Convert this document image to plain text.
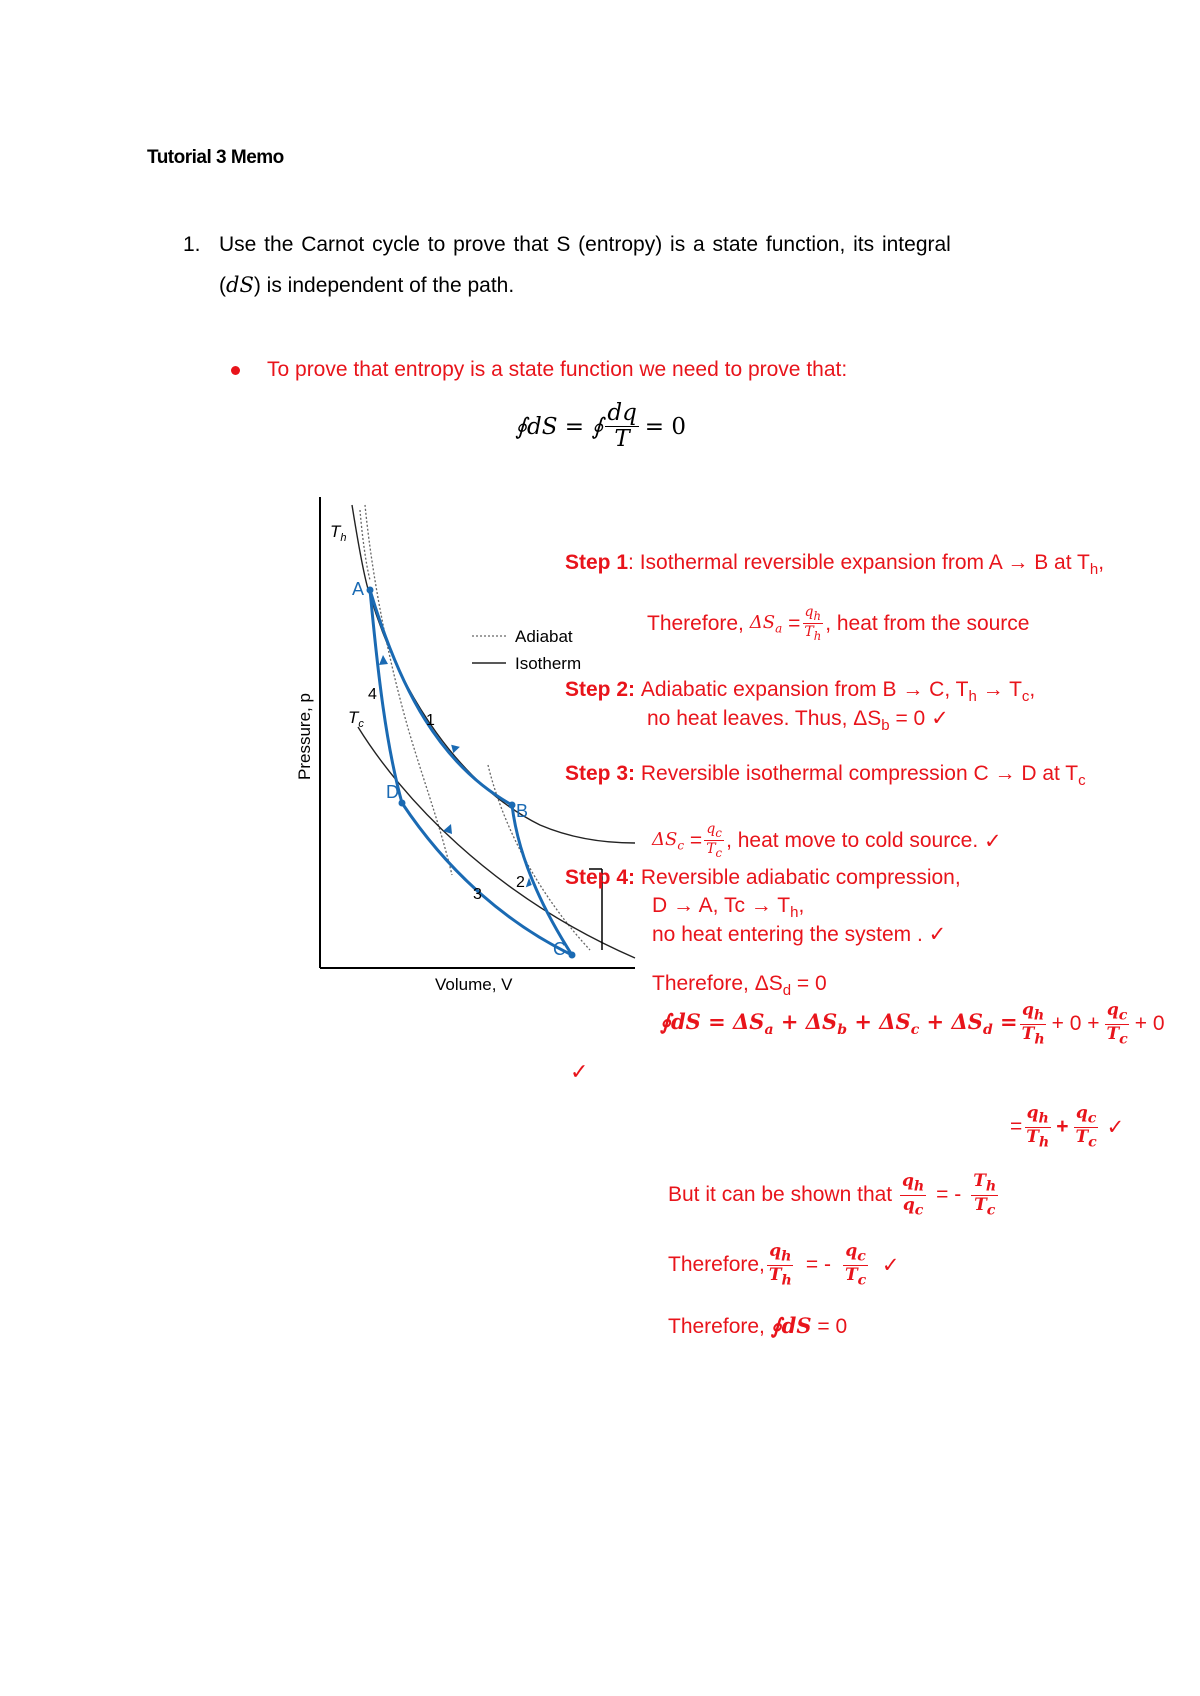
Tutorial 3 Memo
1. Use the Carnot cycle to prove that S (entropy) is a state function, its integral
(dS) is independent of the path.
To prove that entropy is a state function we need to prove that:
∮dS = ∮ $\frac{dq}{T} = 0$
A
B
C
D
1
2
3
4
$T_h$
$T_c$
Adiabat
Isotherm
Pressure, p
Volume, V
Step 1: Isothermal reversible expansion from A → B at $T_h$,
Therefore,
$\Delta S_a$
= $\frac{q_h}{T_h}$ , heat from the source
Step 2: Adiabatic expansion from B → C, $T_h \to T_c$,
no heat leaves. Thus, $\Delta S_b = 0$ ✓
Step 3: Reversible isothermal compression C → D at $T_c$
$\Delta S_c$
= $\frac{q_c}{T_c}$ , heat move to cold source.
✓
Step 4: Reversible adiabatic compression,
D → A, $Tc \to T_h$,
no heat entering the system . ✓
Therefore, $\Delta S_d = 0$
∮dS = $\Delta S_a + \Delta S_b + \Delta S_c + \Delta S_d = \frac{q_h}{T_h} + 0 + \frac{q_c}{T_c} + 0$
✓
= $\frac{q_h}{T_h} + \frac{q_c}{T_c}$
✓
But it can be shown that
$\frac{q_h}{q_c}$ = - $\frac{T_h}{T_c}$
Therefore, $\frac{q_h}{T_h}$ = - $\frac{q_c}{T_c}$
✓
Therefore, ∮dS = 0
